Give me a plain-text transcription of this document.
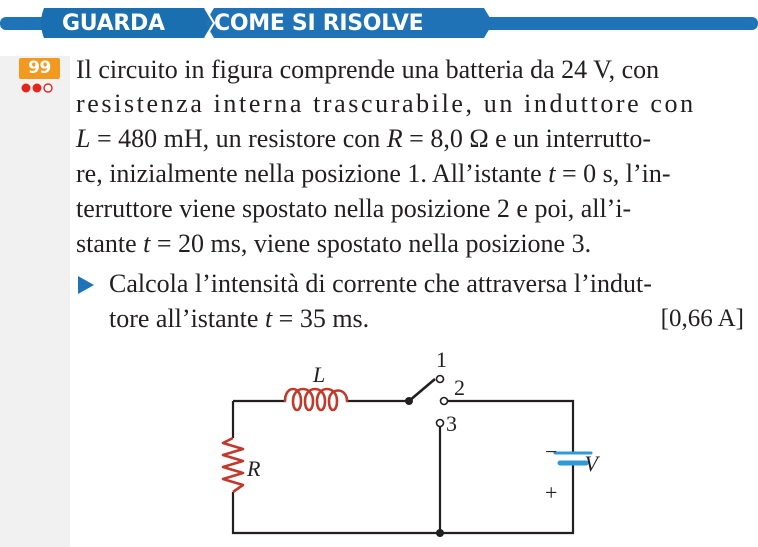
GUARDA COME SI RISOLVE
99 Il circuito in figura comprende una batteria da 24 V, con
resistenza interna trascurabile, un induttore con
L = 480 mH, un resistore con R = 8,0 Ω e un interrutto-
re, inizialmente nella posizione 1. All’istante t = 0 s, l’in-
terruttore viene spostato nella posizione 2 e poi, all’i-
stante t = 20 ms, viene spostato nella posizione 3.
Calcola l’intensità di corrente che attraversa l’indut-
tore all’istante t = 35 ms.	[0,66 A]
L
R	V
1
2
3
−
+
